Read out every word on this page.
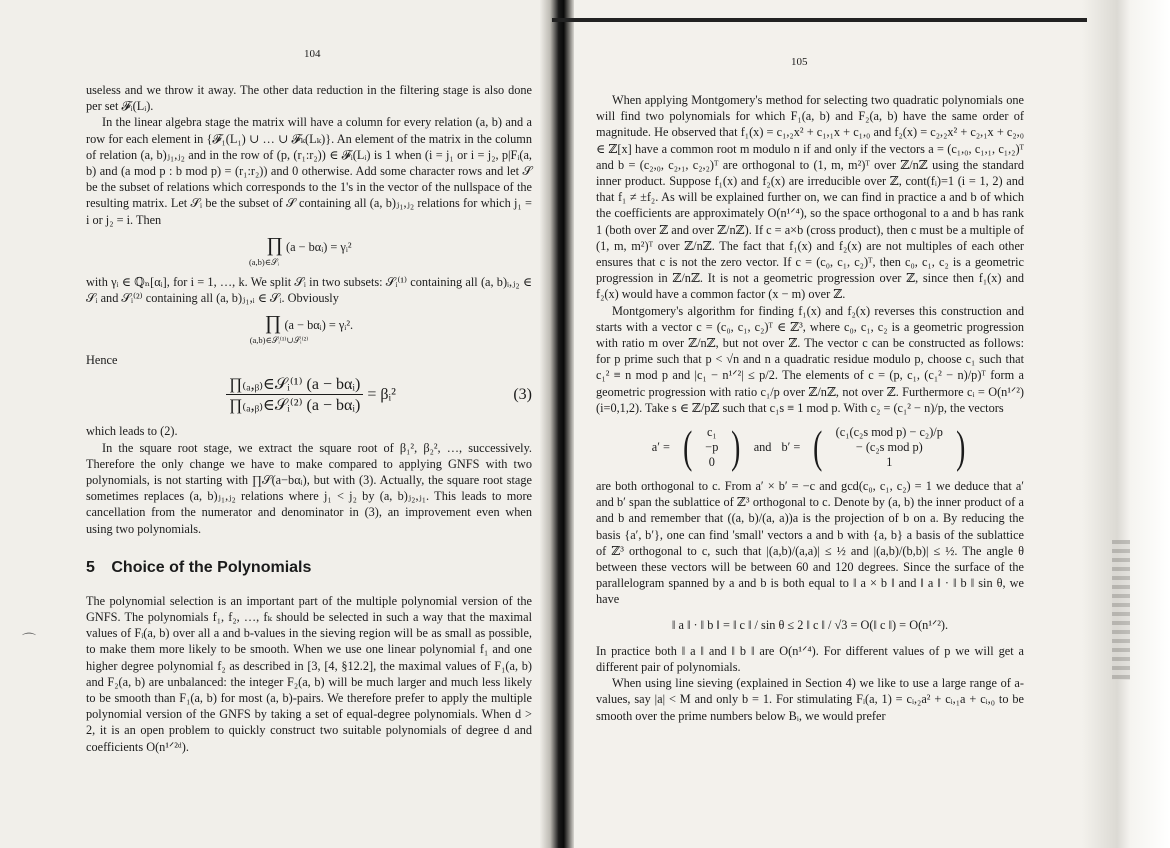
⌒
104
105

useless and we throw it away. The other data reduction in the filtering stage is also done per set 𝓕ᵢ(Lᵢ).

In the linear algebra stage the matrix will have a column for every relation (a, b) and a row for each element in {𝓕₁(L₁) ∪ … ∪ 𝓕ₖ(Lₖ)}. An element of the matrix in the column of relation (a, b)ⱼ₁,ⱼ₂ and in the row of (p, (r₁:r₂)) ∈ 𝓕ᵢ(Lᵢ) is 1 when (i = j₁ or i = j₂, p|Fᵢ(a, b) and (a mod p : b mod p) = (r₁:r₂)) and 0 otherwise. Add some character rows and let 𝒮 be the subset of relations which corresponds to the 1's in the vector of the nullspace of the resulting matrix. Let 𝒮ᵢ be the subset of 𝒮 containing all (a, b)ⱼ₁,ⱼ₂ relations for which j₁ = i or j₂ = i. Then

∏ (a − bαᵢ) = γᵢ²
(a,b)∈𝒮ᵢ

with γᵢ ∈ ℚₙ[αᵢ], for i = 1, …, k. We split 𝒮ᵢ in two subsets: 𝒮ᵢ⁽¹⁾ containing all (a, b)ᵢ,ⱼ₂ ∈ 𝒮ᵢ and 𝒮ᵢ⁽²⁾ containing all (a, b)ⱼ₁,ᵢ ∈ 𝒮ᵢ. Obviously

∏ (a − bαᵢ) = γᵢ².
(a,b)∈𝒮ᵢ⁽¹⁾∪𝒮ᵢ⁽²⁾

Hence

$\frac{\text{∏₍ₐ,ᵦ₎∈𝒮ᵢ⁽¹⁾ (a − bαᵢ)}}{\text{∏₍ₐ,ᵦ₎∈𝒮ᵢ⁽²⁾ (a − bαᵢ)}}$ = βᵢ²	(3)

which leads to (2).

In the square root stage, we extract the square root of β₁², β₂², …, successively. Therefore the only change we have to make compared to applying GNFS with two polynomials, is not starting with ∏𝒮(a−bαᵢ), but with (3). Actually, the square root stage sometimes replaces (a, b)ⱼ₁,ⱼ₂ relations where j₁ < j₂ by (a, b)ⱼ₂,ⱼ₁. This leads to more cancellation from the numerator and denominator in (3), an improvement even when using two polynomials.

5 Choice of the Polynomials

The polynomial selection is an important part of the multiple polynomial version of the GNFS. The polynomials f₁, f₂, …, fₖ should be selected in such a way that the maximal values of Fᵢ(a, b) over all a and b-values in the sieving region will be as small as possible, to make them more likely to be smooth. When we use one linear polynomial f₁ and one higher degree polynomial f₂ as described in [3, [4, §12.2], the maximal values of F₁(a, b) and F₂(a, b) are unbalanced: the integer F₂(a, b) will be much larger and much less likely to be smooth than F₁(a, b) for most (a, b)-pairs. We therefore prefer to apply the multiple polynomial version of the GNFS by taking a set of equal-degree polynomials. When d > 2, it is an open problem to quickly construct two suitable polynomials of degree d and coefficients O(n¹ᐟ²ᵈ).

When applying Montgomery's method for selecting two quadratic polynomials one will find two polynomials for which F₁(a, b) and F₂(a, b) have the same order of magnitude. He observed that f₁(x) = c₁,₂x² + c₁,₁x + c₁,₀ and f₂(x) = c₂,₂x² + c₂,₁x + c₂,₀ ∈ ℤ[x] have a common root m modulo n if and only if the vectors a = (c₁,₀, c₁,₁, c₁,₂)ᵀ and b = (c₂,₀, c₂,₁, c₂,₂)ᵀ are orthogonal to (1, m, m²)ᵀ over ℤ/nℤ using the standard inner product. Suppose f₁(x) and f₂(x) are irreducible over ℤ, cont(fᵢ)=1 (i = 1, 2) and that f₁ ≠ ±f₂. As will be explained further on, we can find in practice a and b of which the coefficients are approximately O(n¹ᐟ⁴), so the space orthogonal to a and b has rank 1 (both over ℤ and over ℤ/nℤ). If c = a×b (cross product), then c must be a multiple of (1, m, m²)ᵀ over ℤ/nℤ. The fact that f₁(x) and f₂(x) are not multiples of each other ensures that c is not the zero vector. If c = (c₀, c₁, c₂)ᵀ, then c₀, c₁, c₂ is a geometric progression in ℤ/nℤ. It is not a geometric progression over ℤ, since then f₁(x) and f₂(x) would have a common factor (x − m) over ℤ.

Montgomery's algorithm for finding f₁(x) and f₂(x) reverses this construction and starts with a vector c = (c₀, c₁, c₂)ᵀ ∈ ℤ³, where c₀, c₁, c₂ is a geometric progression with ratio m over ℤ/nℤ, but not over ℤ. The vector c can be constructed as follows: for p prime such that p < √n and n a quadratic residue modulo p, choose c₁ such that c₁² ≡ n mod p and |c₁ − n¹ᐟ²| ≤ p/2. The elements of c = (p, c₁, (c₁² − n)/p)ᵀ form a geometric progression with ratio c₁/p over ℤ/nℤ, not over ℤ. Furthermore cᵢ = O(n¹ᐟ²) (i=0,1,2). Take s ∈ ℤ/pℤ such that c₁s ≡ 1 mod p. With c₂ = (c₁² − n)/p, the vectors

a′ = ( c₁
−p
0 ) and b′ = ( (c₁(c₂s mod p) − c₂)/p
− (c₂s mod p)
1 )

are both orthogonal to c. From a′ × b′ = −c and gcd(c₀, c₁, c₂) = 1 we deduce that a′ and b′ span the sublattice of ℤ³ orthogonal to c. Denote by (a, b) the inner product of a and b and remember that ((a, b)/(a, a))a is the projection of b on a. By reducing the basis {a′, b′}, one can find 'small' vectors a and b with {a, b} a basis of the sublattice of ℤ³ orthogonal to c, such that |(a,b)/(a,a)| ≤ ½ and |(a,b)/(b,b)| ≤ ½. The angle θ between these vectors will be between 60 and 120 degrees. Since the surface of the parallelogram spanned by a and b is both equal to ‖ a × b ‖ and ‖ a ‖ · ‖ b ‖ sin θ, we have

‖ a ‖ · ‖ b ‖ = ‖ c ‖ / sin θ ≤ 2 ‖ c ‖ / √3 = O(‖ c ‖) = O(n¹ᐟ²).

In practice both ‖ a ‖ and ‖ b ‖ are O(n¹ᐟ⁴). For different values of p we will get a different pair of polynomials.

When using line sieving (explained in Section 4) we like to use a large range of a-values, say |a| < M and only b = 1. For stimulating Fᵢ(a, 1) = cᵢ,₂a² + cᵢ,₁a + cᵢ,₀ to be smooth over the prime numbers below Bᵢ, we would prefer
